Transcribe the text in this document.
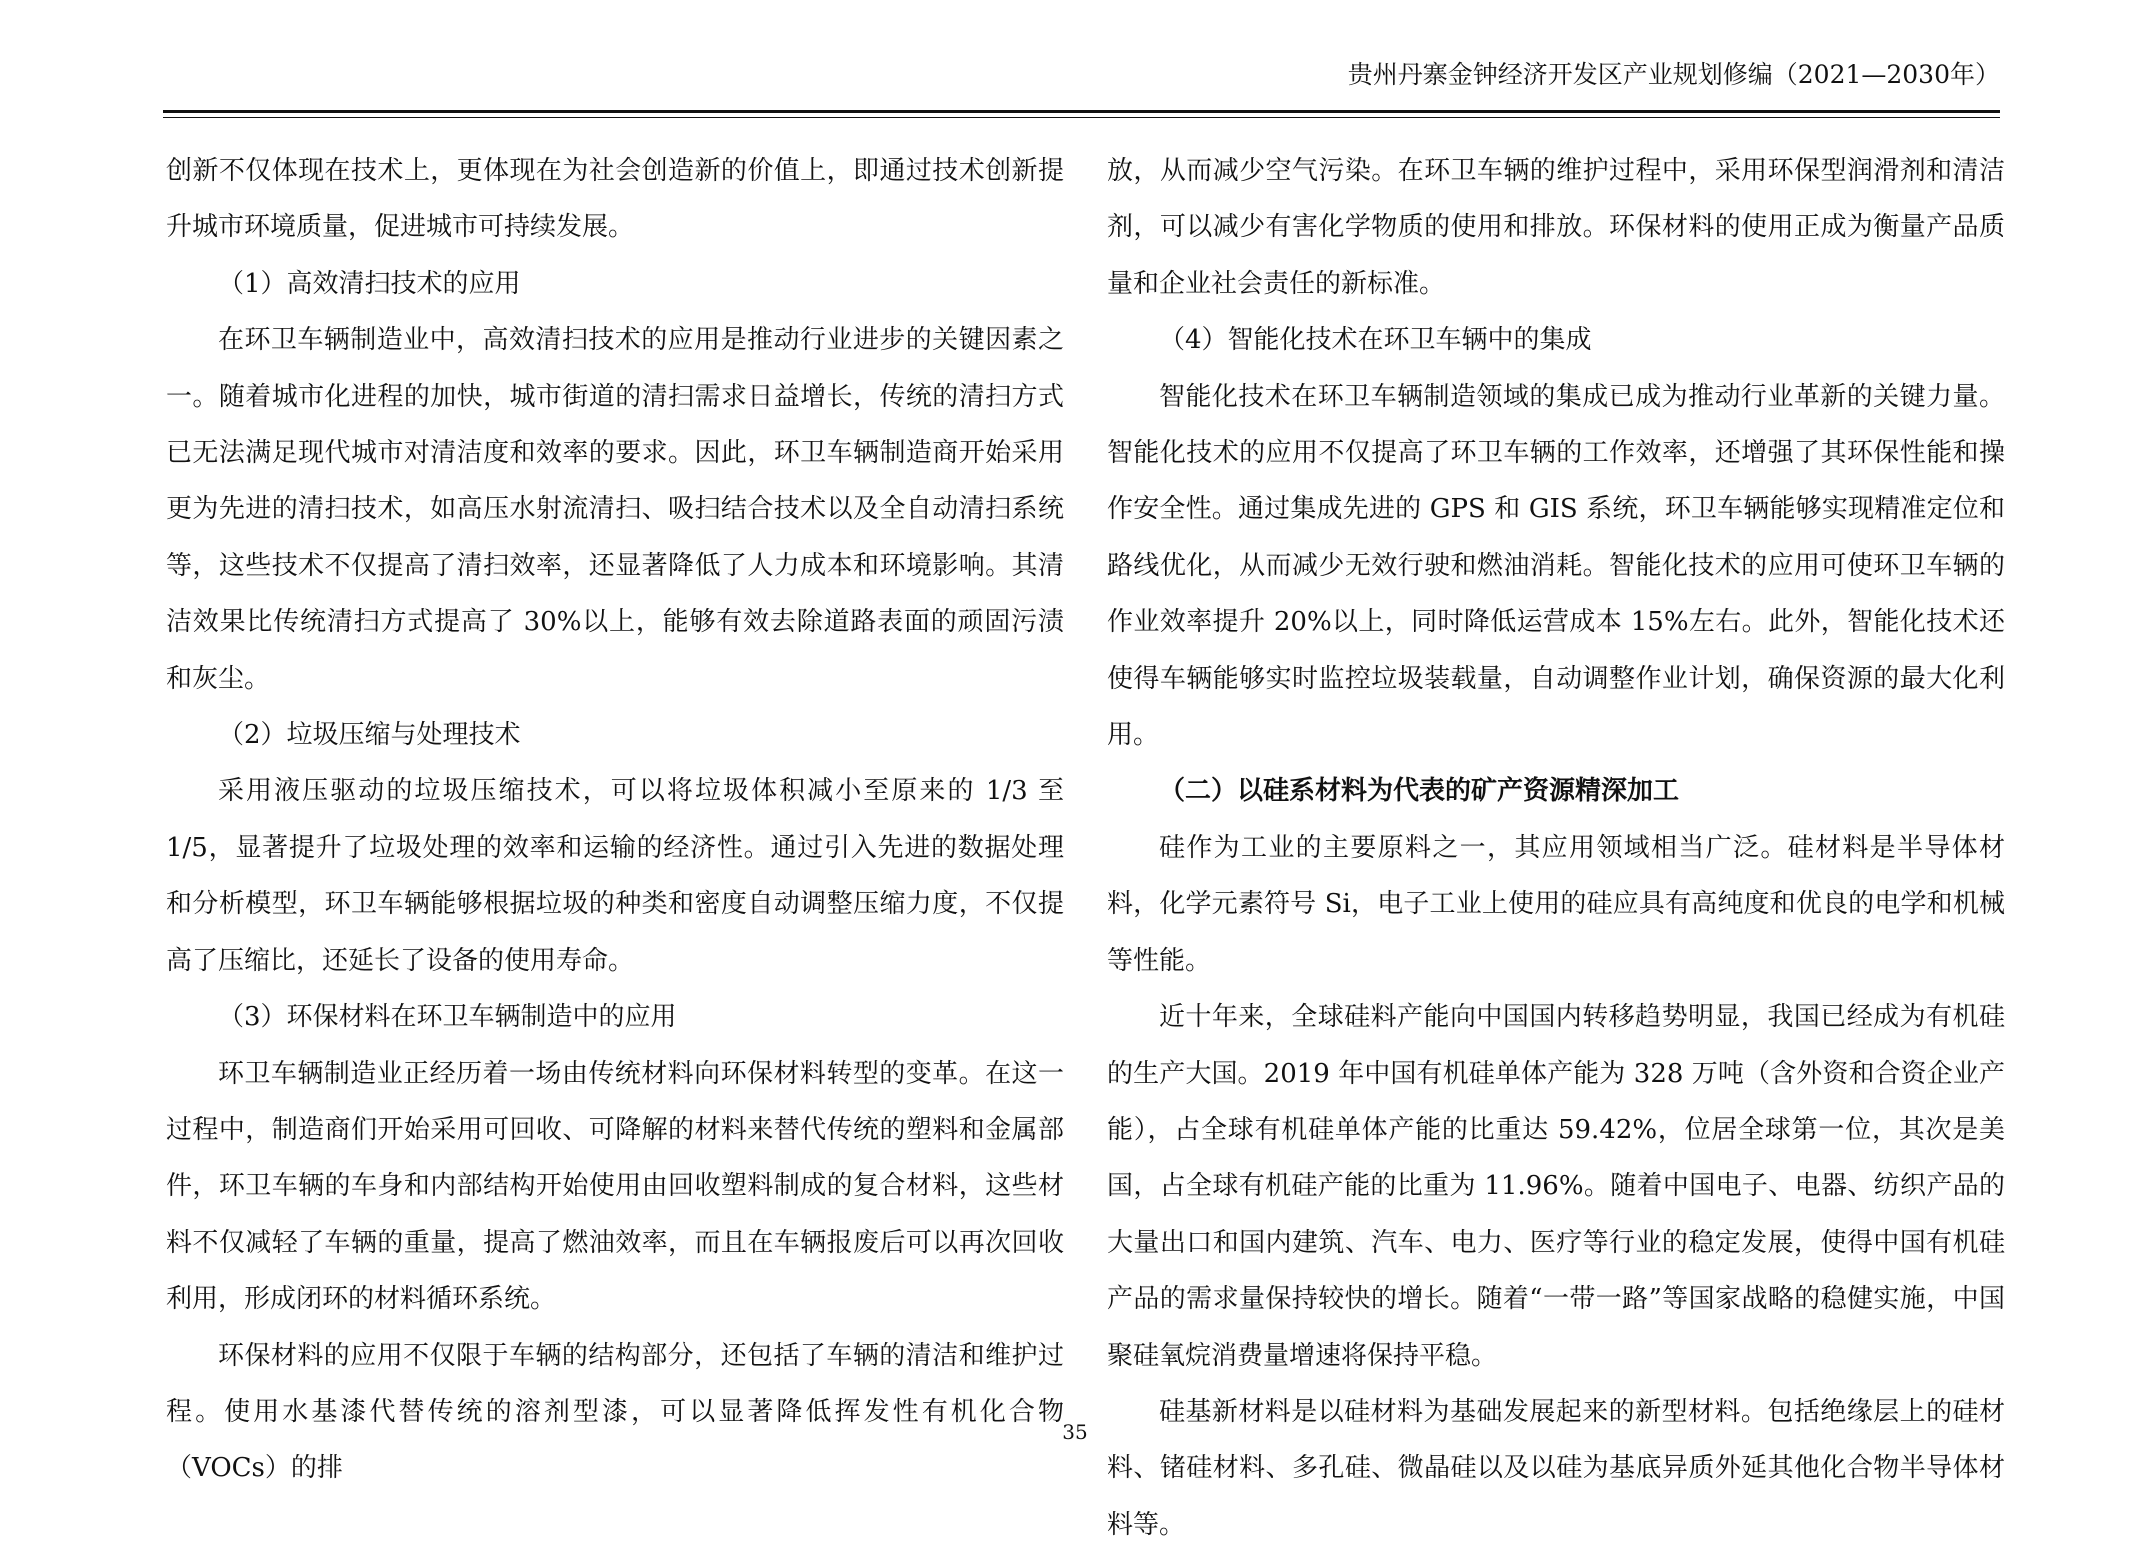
贵州丹寨金钟经济开发区产业规划修编（2021—2030年）

创新不仅体现在技术上，更体现在为社会创造新的价值上，即通过技术创新提升城市环境质量，促进城市可持续发展。

（1）高效清扫技术的应用

在环卫车辆制造业中，高效清扫技术的应用是推动行业进步的关键因素之一。随着城市化进程的加快，城市街道的清扫需求日益增长，传统的清扫方式已无法满足现代城市对清洁度和效率的要求。因此，环卫车辆制造商开始采用更为先进的清扫技术，如高压水射流清扫、吸扫结合技术以及全自动清扫系统等，这些技术不仅提高了清扫效率，还显著降低了人力成本和环境影响。其清洁效果比传统清扫方式提高了 30%以上，能够有效去除道路表面的顽固污渍和灰尘。

（2）垃圾压缩与处理技术

采用液压驱动的垃圾压缩技术，可以将垃圾体积减小至原来的 1/3 至 1/5，显著提升了垃圾处理的效率和运输的经济性。通过引入先进的数据处理和分析模型，环卫车辆能够根据垃圾的种类和密度自动调整压缩力度，不仅提高了压缩比，还延长了设备的使用寿命。

（3）环保材料在环卫车辆制造中的应用

环卫车辆制造业正经历着一场由传统材料向环保材料转型的变革。在这一过程中，制造商们开始采用可回收、可降解的材料来替代传统的塑料和金属部件，环卫车辆的车身和内部结构开始使用由回收塑料制成的复合材料，这些材料不仅减轻了车辆的重量，提高了燃油效率，而且在车辆报废后可以再次回收利用，形成闭环的材料循环系统。

环保材料的应用不仅限于车辆的结构部分，还包括了车辆的清洁和维护过程。使用水基漆代替传统的溶剂型漆，可以显著降低挥发性有机化合物（VOCs）的排

放，从而减少空气污染。在环卫车辆的维护过程中，采用环保型润滑剂和清洁剂，可以减少有害化学物质的使用和排放。环保材料的使用正成为衡量产品质量和企业社会责任的新标准。

（4）智能化技术在环卫车辆中的集成

智能化技术在环卫车辆制造领域的集成已成为推动行业革新的关键力量。智能化技术的应用不仅提高了环卫车辆的工作效率，还增强了其环保性能和操作安全性。通过集成先进的 GPS 和 GIS 系统，环卫车辆能够实现精准定位和路线优化，从而减少无效行驶和燃油消耗。智能化技术的应用可使环卫车辆的作业效率提升 20%以上，同时降低运营成本 15%左右。此外，智能化技术还使得车辆能够实时监控垃圾装载量，自动调整作业计划，确保资源的最大化利用。

（二）以硅系材料为代表的矿产资源精深加工

硅作为工业的主要原料之一，其应用领域相当广泛。硅材料是半导体材料，化学元素符号 Si，电子工业上使用的硅应具有高纯度和优良的电学和机械等性能。

近十年来，全球硅料产能向中国国内转移趋势明显，我国已经成为有机硅的生产大国。2019 年中国有机硅单体产能为 328 万吨（含外资和合资企业产能），占全球有机硅单体产能的比重达 59.42%，位居全球第一位，其次是美国，占全球有机硅产能的比重为 11.96%。随着中国电子、电器、纺织产品的大量出口和国内建筑、汽车、电力、医疗等行业的稳定发展，使得中国有机硅产品的需求量保持较快的增长。随着“一带一路”等国家战略的稳健实施，中国聚硅氧烷消费量增速将保持平稳。

硅基新材料是以硅材料为基础发展起来的新型材料。包括绝缘层上的硅材料、锗硅材料、多孔硅、微晶硅以及以硅为基底异质外延其他化合物半导体材料等。

35
